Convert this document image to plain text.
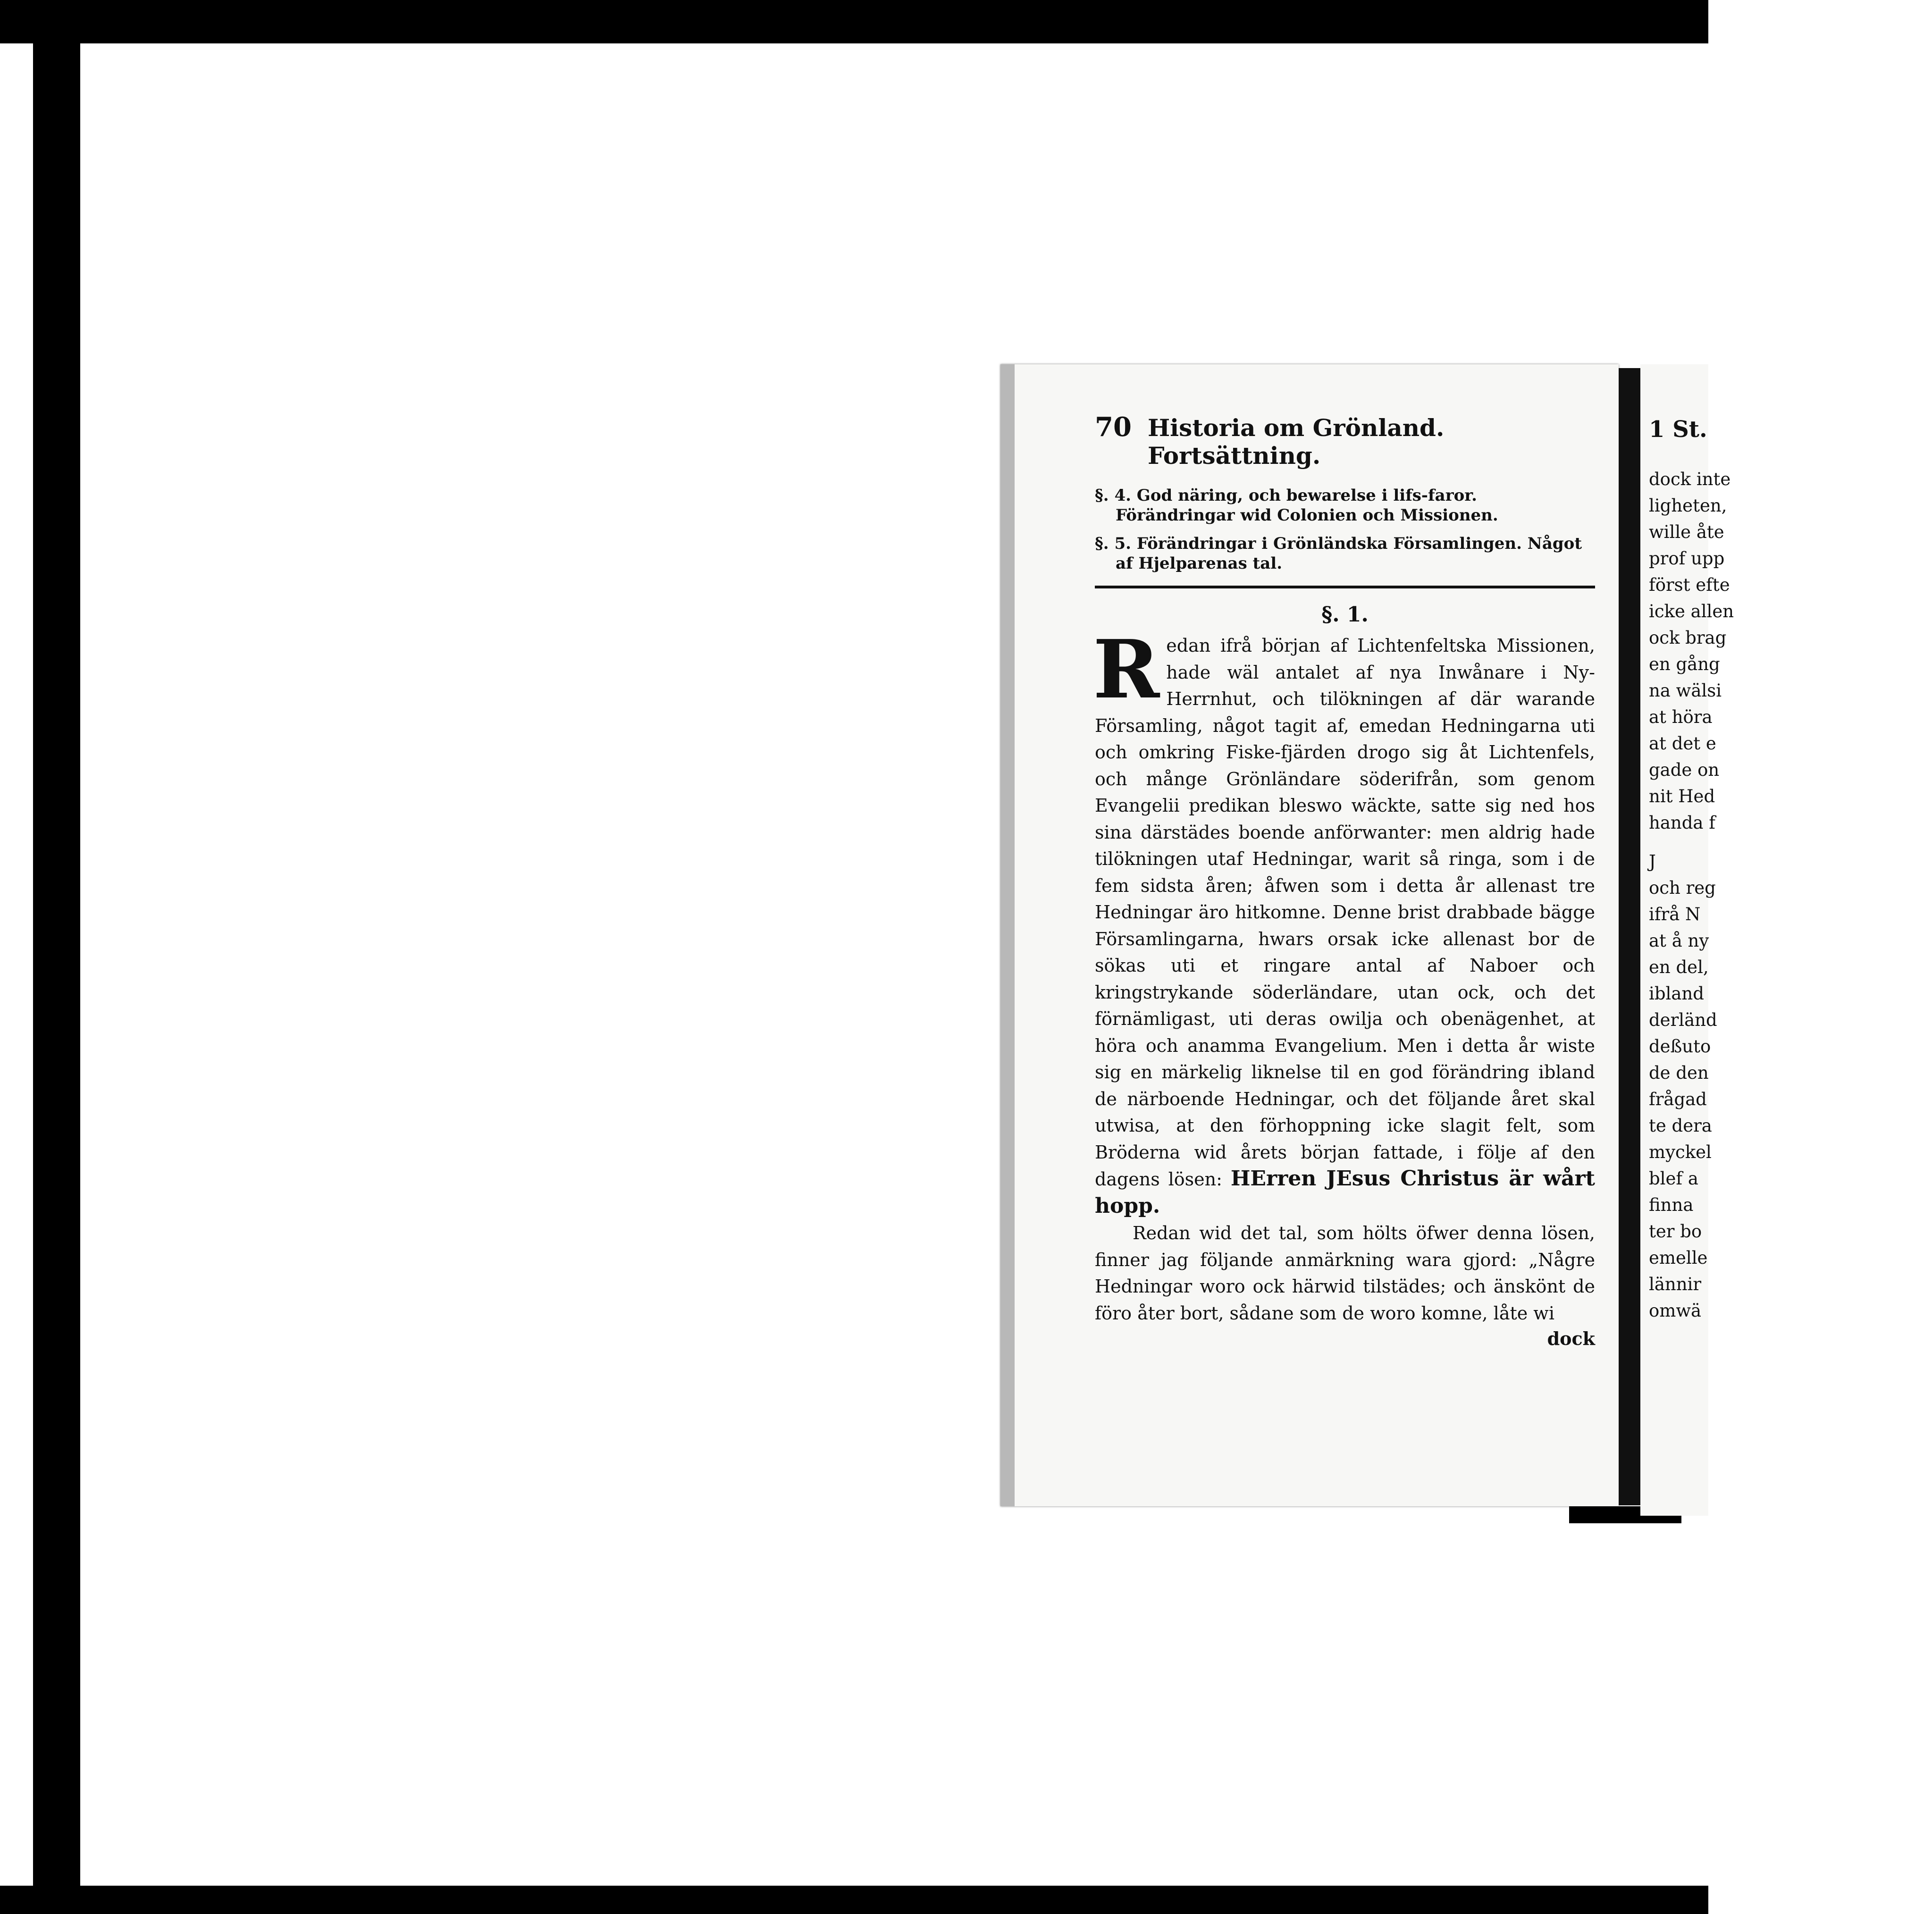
70 Historia om Grönland. Fortsättning.
§. 4. God näring, och bewarelse i lifs-faror. Förändringar wid Colonien och Missionen.
§. 5. Förändringar i Grönländska Församlingen. Något af Hjelparenas tal.
§. 1.

R edan ifrå början af Lichtenfeltska Missionen, hade wäl antalet af nya Inwånare i Ny-Herrnhut, och tilökningen af där warande Församling, något tagit af, emedan Hedningarna uti och omkring Fiske-fjärden drogo sig åt Lichtenfels, och månge Grönländare söderifrån, som genom Evangelii predikan bleswo wäckte, satte sig ned hos sina därstädes boende anförwanter: men aldrig hade tilökningen utaf Hedningar, warit så ringa, som i de fem sidsta åren; åfwen som i detta år allenast tre Hedningar äro hitkomne. Denne brist drabbade bägge Församlingarna, hwars orsak icke allenast bor de sökas uti et ringare antal af Naboer och kringstrykande söderländare, utan ock, och det förnämligast, uti deras owilja och obenägenhet, at höra och anamma Evangelium. Men i detta år wiste sig en märkelig liknelse til en god förändring ibland de närboende Hedningar, och det följande året skal utwisa, at den förhoppning icke slagit felt, som Bröderna wid årets början fattade, i följe af den dagens lösen: HErren JEsus Christus är wårt hopp.

Redan wid det tal, som hölts öfwer denna lösen, finner jag följande anmärkning wara gjord: „Någre Hedningar woro ock härwid tilstädes; och änskönt de föro åter bort, sådane som de woro komne, låte wi

dock
1 St.
dock inte
ligheten,
wille åte
prof upp
först efte
icke allen
ock brag
en gång
na wälsi
at höra
at det e
gade on
nit Hed
handa f
J
och reg
ifrå N
at å ny
en del,
ibland
derländ
deßuto
de den
frågad
te dera
myckel
blef a
finna
ter bo
emelle
lännir
omwä
